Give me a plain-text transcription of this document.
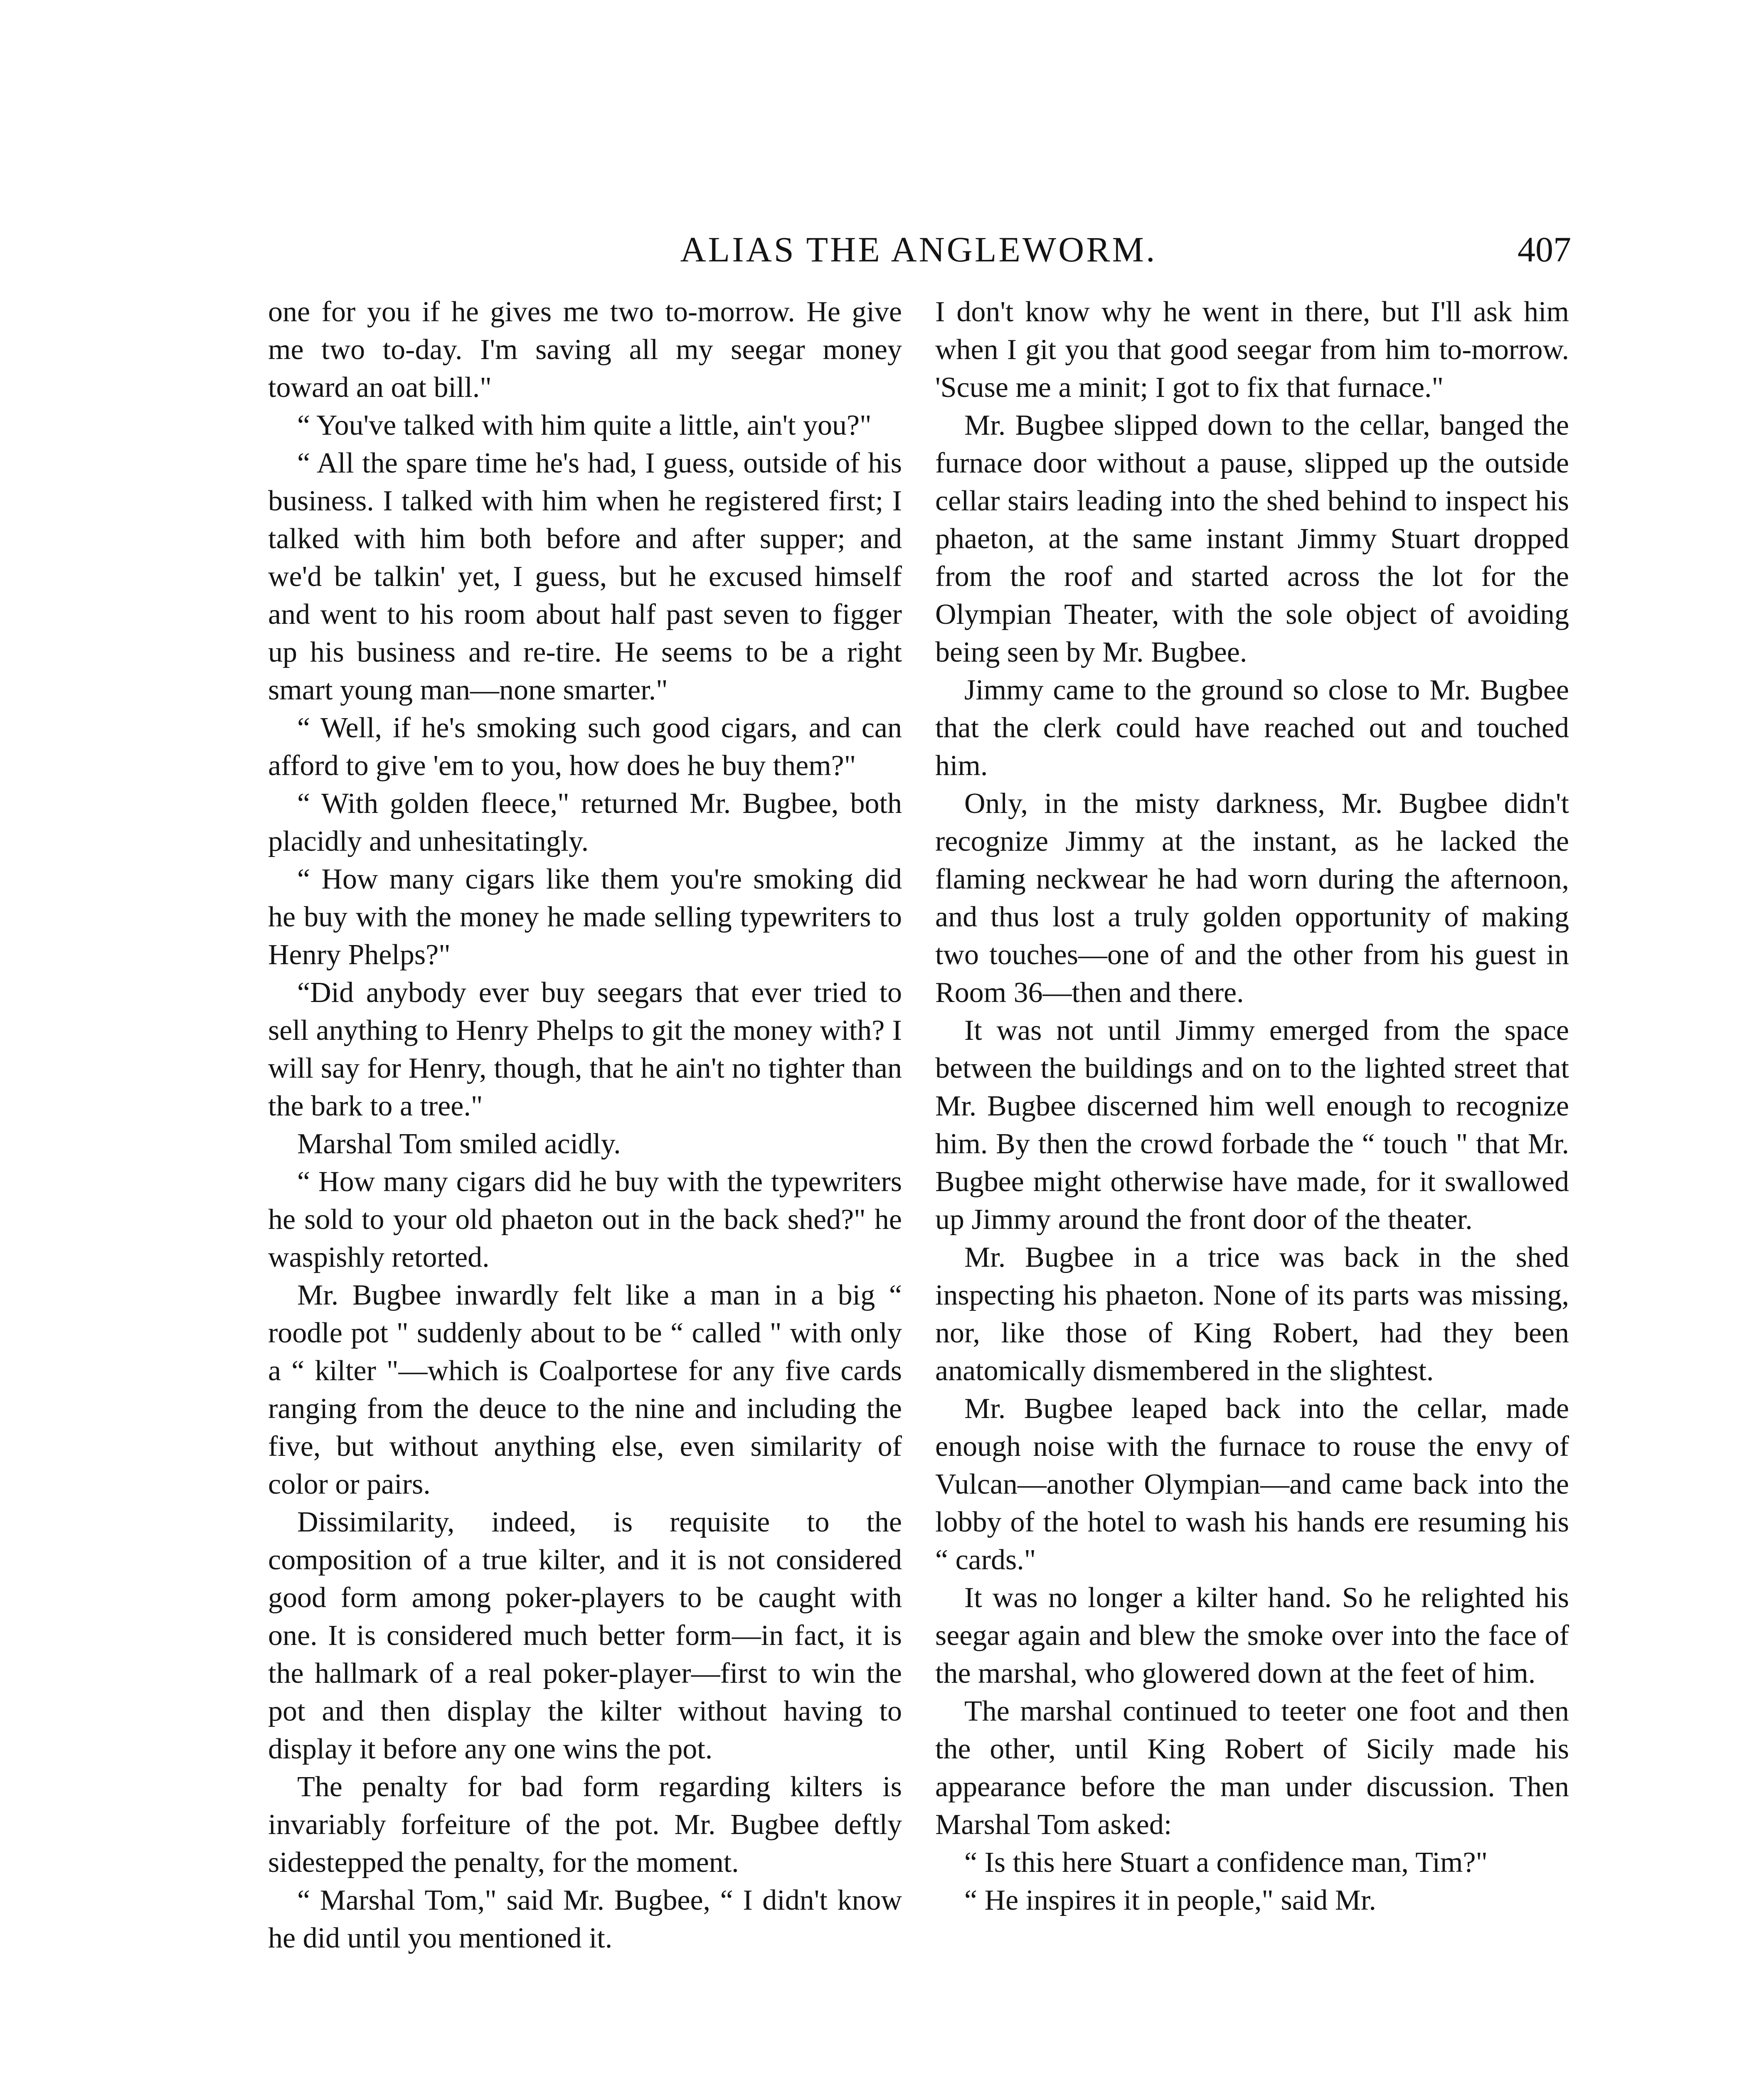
ALIAS THE ANGLEWORM.	407

one for you if he gives me two to-morrow. He give me two to-day. I'm saving all my seegar money toward an oat bill."

“ You've talked with him quite a little, ain't you?"

“ All the spare time he's had, I guess, outside of his business. I talked with him when he registered first; I talked with him both before and after supper; and we'd be talkin' yet, I guess, but he excused himself and went to his room about half past seven to figger up his business and re-tire. He seems to be a right smart young man—none smarter."

“ Well, if he's smoking such good cigars, and can afford to give 'em to you, how does he buy them?"

“ With golden fleece," returned Mr. Bugbee, both placidly and unhesitatingly.

“ How many cigars like them you're smoking did he buy with the money he made selling typewriters to Henry Phelps?"

“Did anybody ever buy seegars that ever tried to sell anything to Henry Phelps to git the money with? I will say for Henry, though, that he ain't no tighter than the bark to a tree."

Marshal Tom smiled acidly.

“ How many cigars did he buy with the typewriters he sold to your old phaeton out in the back shed?" he waspishly retorted.

Mr. Bugbee inwardly felt like a man in a big “ roodle pot " suddenly about to be “ called " with only a “ kilter "—which is Coalportese for any five cards ranging from the deuce to the nine and including the five, but without anything else, even similarity of color or pairs.

Dissimilarity, indeed, is requisite to the composition of a true kilter, and it is not considered good form among poker-players to be caught with one. It is considered much better form—in fact, it is the hallmark of a real poker-player—first to win the pot and then display the kilter without having to display it before any one wins the pot.

The penalty for bad form regarding kilters is invariably forfeiture of the pot. Mr. Bugbee deftly sidestepped the penalty, for the moment.

“ Marshal Tom," said Mr. Bugbee, “ I didn't know he did until you mentioned it.

I don't know why he went in there, but I'll ask him when I git you that good seegar from him to-morrow. 'Scuse me a minit; I got to fix that furnace."

Mr. Bugbee slipped down to the cellar, banged the furnace door without a pause, slipped up the outside cellar stairs leading into the shed behind to inspect his phaeton, at the same instant Jimmy Stuart dropped from the roof and started across the lot for the Olympian Theater, with the sole object of avoiding being seen by Mr. Bugbee.

Jimmy came to the ground so close to Mr. Bugbee that the clerk could have reached out and touched him.

Only, in the misty darkness, Mr. Bugbee didn't recognize Jimmy at the instant, as he lacked the flaming neckwear he had worn during the afternoon, and thus lost a truly golden opportunity of making two touches—one of and the other from his guest in Room 36—then and there.

It was not until Jimmy emerged from the space between the buildings and on to the lighted street that Mr. Bugbee discerned him well enough to recognize him. By then the crowd forbade the “ touch " that Mr. Bugbee might otherwise have made, for it swallowed up Jimmy around the front door of the theater.

Mr. Bugbee in a trice was back in the shed inspecting his phaeton. None of its parts was missing, nor, like those of King Robert, had they been anatomically dismembered in the slightest.

Mr. Bugbee leaped back into the cellar, made enough noise with the furnace to rouse the envy of Vulcan—another Olympian—and came back into the lobby of the hotel to wash his hands ere resuming his “ cards."

It was no longer a kilter hand. So he relighted his seegar again and blew the smoke over into the face of the marshal, who glowered down at the feet of him.

The marshal continued to teeter one foot and then the other, until King Robert of Sicily made his appearance before the man under discussion. Then Marshal Tom asked:

“ Is this here Stuart a confidence man, Tim?"

“ He inspires it in people," said Mr.
